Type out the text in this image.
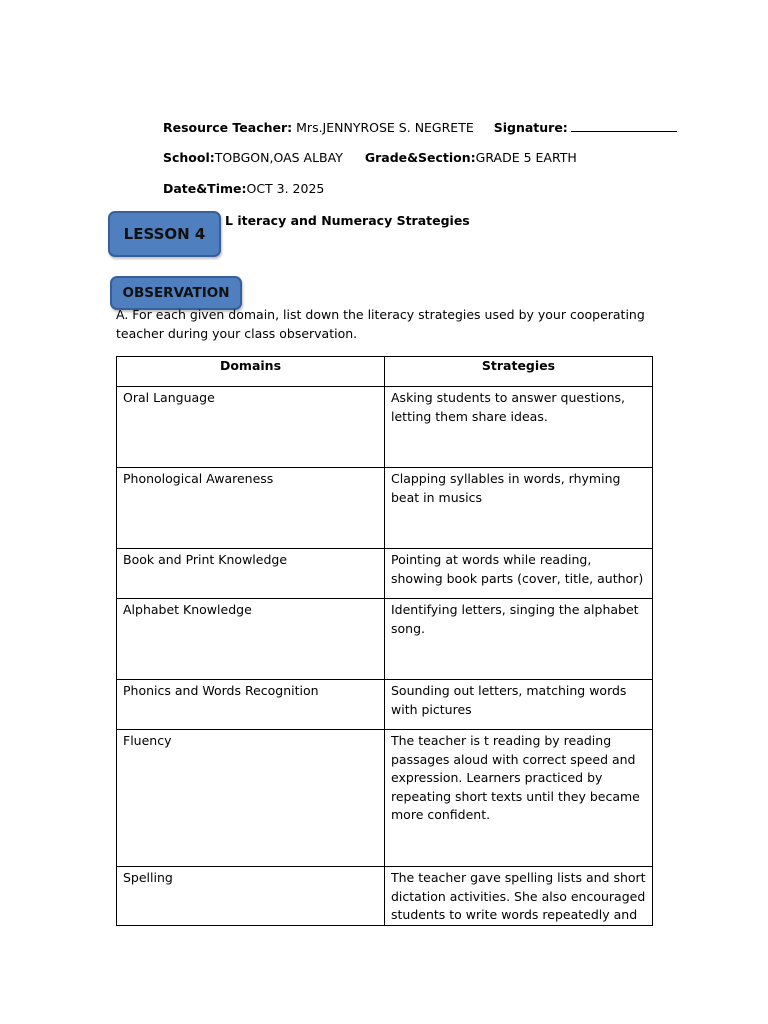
Resource Teacher: Mrs.JENNYROSE S. NEGRETE Signature:
School:TOBGON,OAS ALBAY Grade&Section:GRADE 5 EARTH
Date&Time:OCT 3. 2025
LESSON 4
L iteracy and Numeracy Strategies
OBSERVATION
A. For each given domain, list down the literacy strategies used by your cooperating teacher during your class observation.
Domains	Strategies
Oral Language	Asking students to answer questions, letting them share ideas.
Phonological Awareness	Clapping syllables in words, rhyming beat in musics
Book and Print Knowledge	Pointing at words while reading, showing book parts (cover, title, author)
Alphabet Knowledge	Identifying letters, singing the alphabet song.
Phonics and Words Recognition	Sounding out letters, matching words with pictures
Fluency	The teacher is t reading by reading passages aloud with correct speed and expression. Learners practiced by repeating short texts until they became more confident.
Spelling	The teacher gave spelling lists and short dictation activities. She also encouraged students to write words repeatedly and
